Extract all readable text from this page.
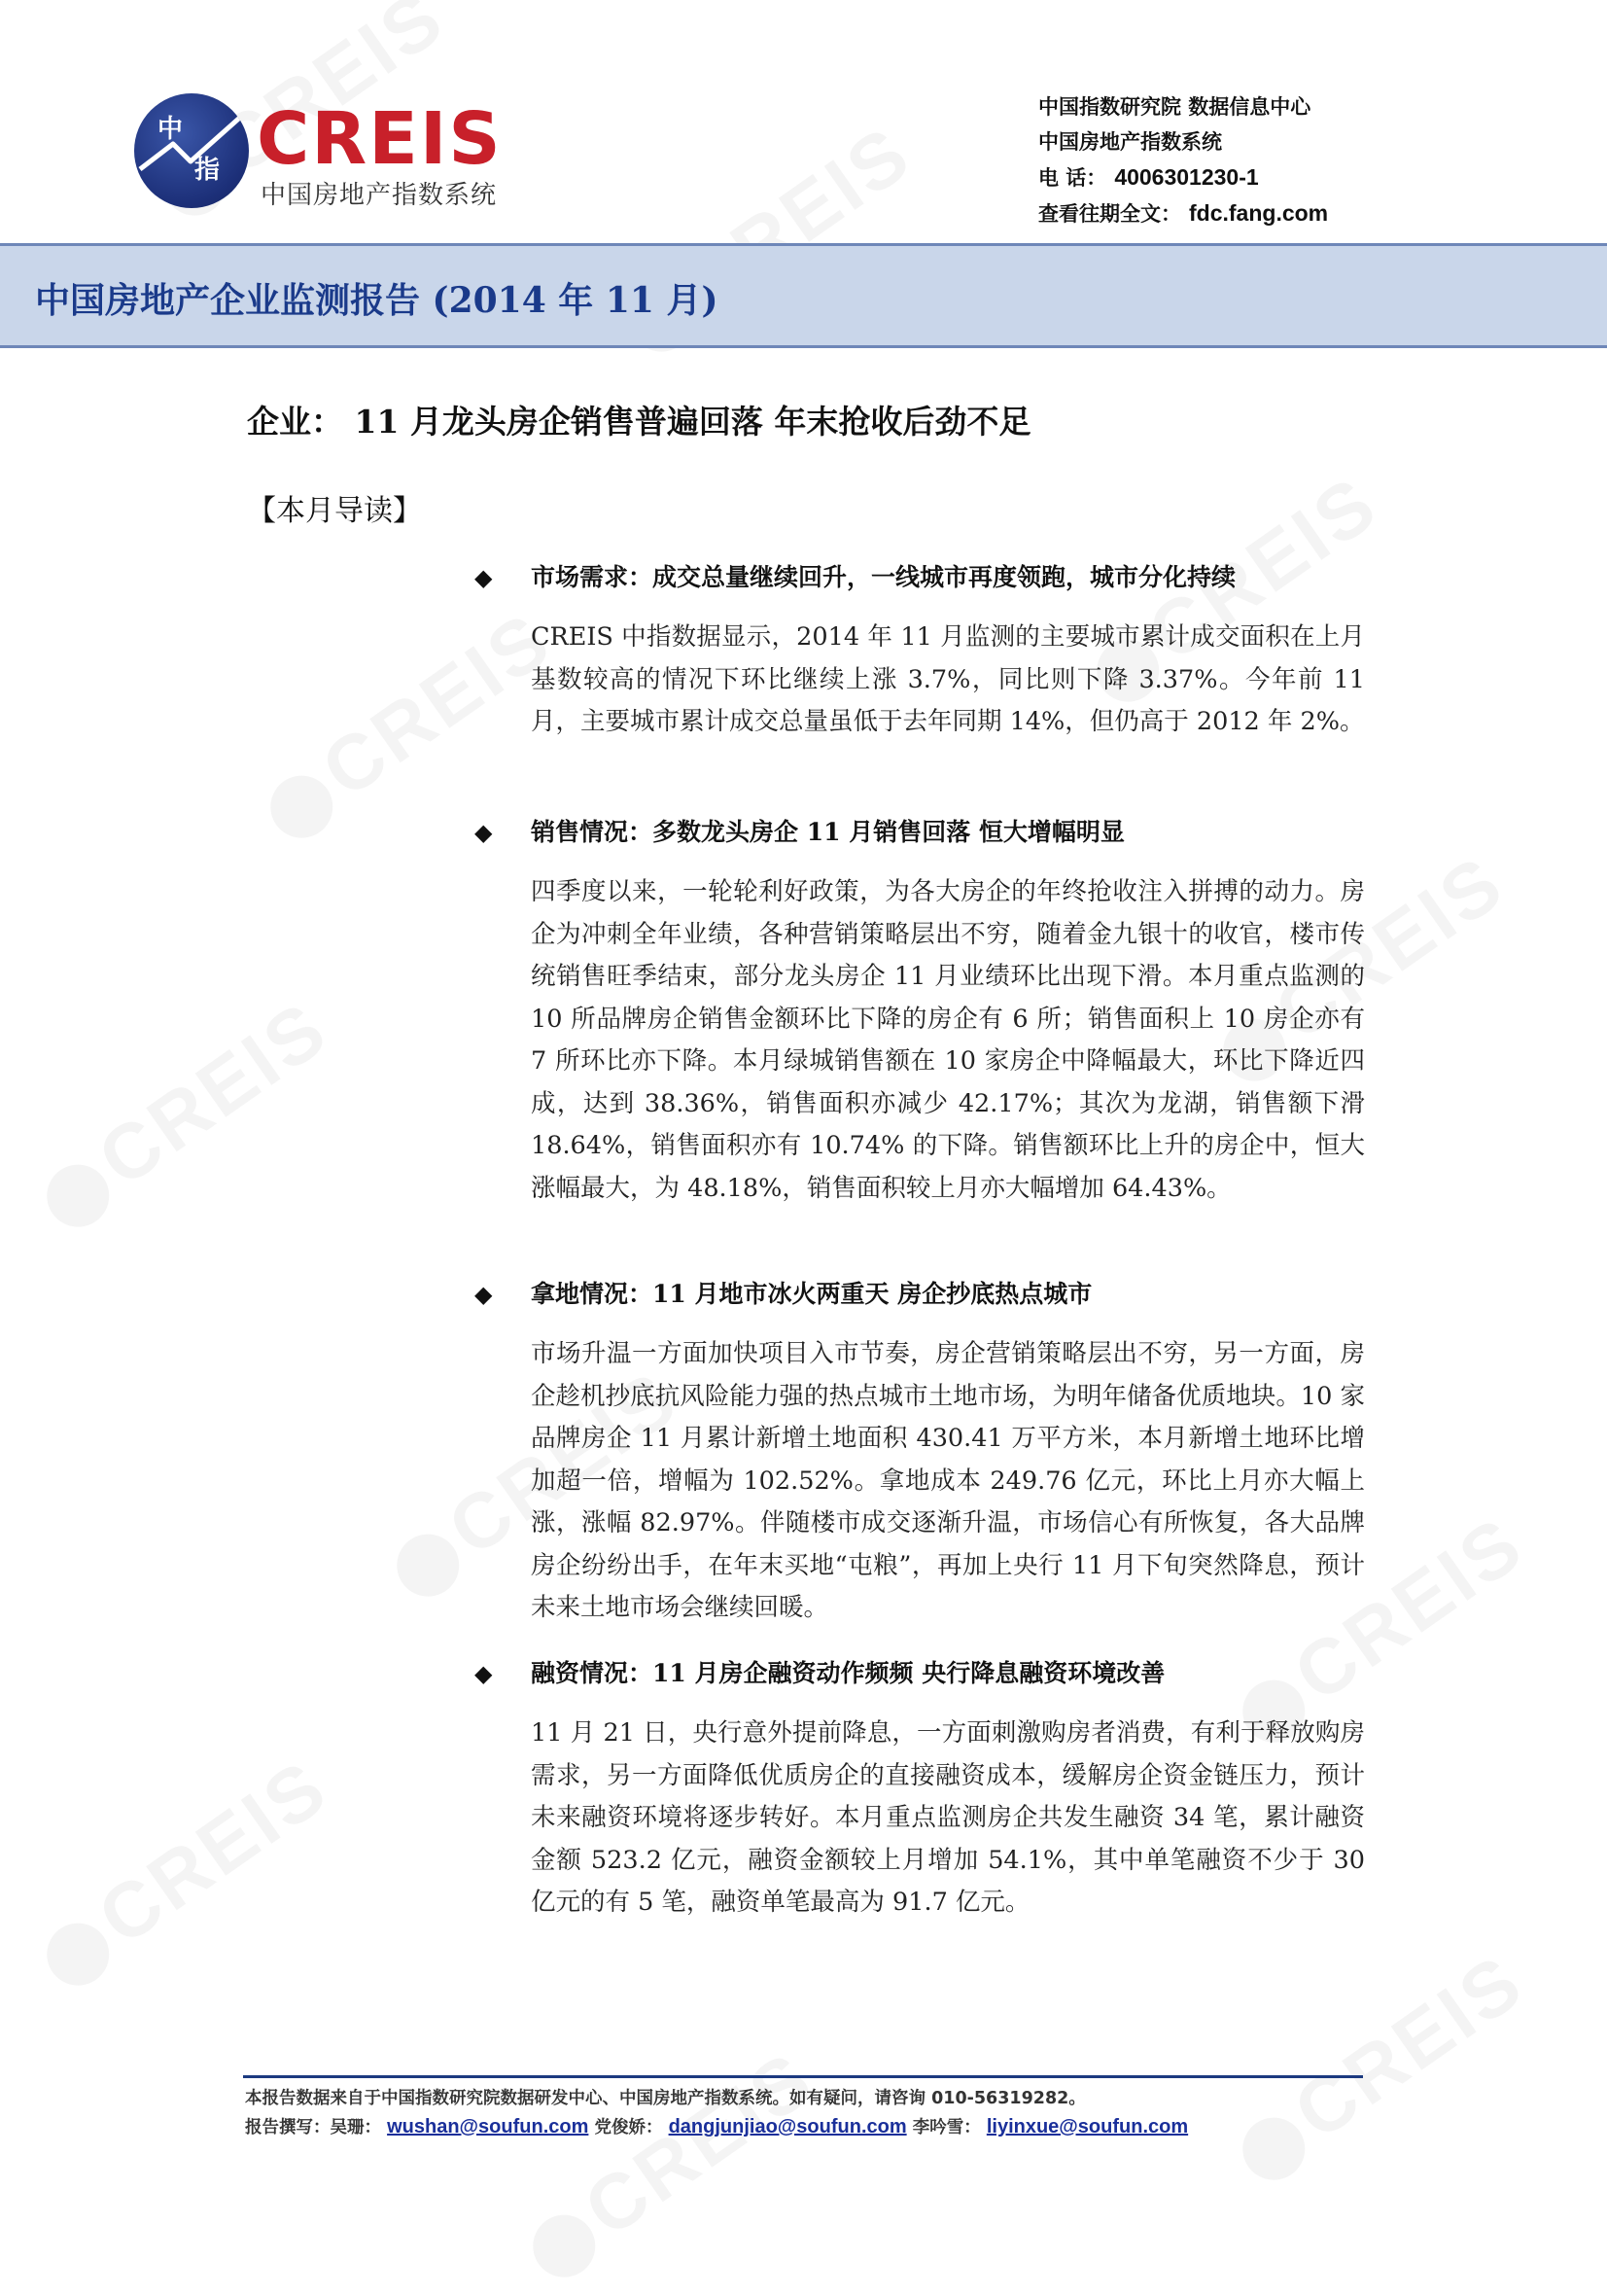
中
指 CREIS
中国房地产指数系统
中国指数研究院 数据信息中心
中国房地产指数系统
电 话： 4006301230-1
查看往期全文： fdc.fang.com
中国房地产企业监测报告 (2014 年 11 月)
企业： 11 月龙头房企销售普遍回落 年末抢收后劲不足
【本月导读】
◆ 市场需求：成交总量继续回升，一线城市再度领跑，城市分化持续
CREIS 中指数据显示，2014 年 11 月监测的主要城市累计成交面积在上月基数较高的情况下环比继续上涨 3.7%，同比则下降 3.37%。今年前 11 月，主要城市累计成交总量虽低于去年同期 14%，但仍高于 2012 年 2%。
◆ 销售情况：多数龙头房企 11 月销售回落 恒大增幅明显
四季度以来，一轮轮利好政策，为各大房企的年终抢收注入拼搏的动力。房企为冲刺全年业绩，各种营销策略层出不穷，随着金九银十的收官，楼市传统销售旺季结束，部分龙头房企 11 月业绩环比出现下滑。本月重点监测的 10 所品牌房企销售金额环比下降的房企有 6 所；销售面积上 10 房企亦有 7 所环比亦下降。本月绿城销售额在 10 家房企中降幅最大，环比下降近四成，达到 38.36%，销售面积亦减少 42.17%；其次为龙湖，销售额下滑 18.64%，销售面积亦有 10.74% 的下降。销售额环比上升的房企中，恒大涨幅最大，为 48.18%，销售面积较上月亦大幅增加 64.43%。
◆ 拿地情况：11 月地市冰火两重天 房企抄底热点城市
市场升温一方面加快项目入市节奏，房企营销策略层出不穷，另一方面，房企趁机抄底抗风险能力强的热点城市土地市场，为明年储备优质地块。10 家品牌房企 11 月累计新增土地面积 430.41 万平方米，本月新增土地环比增加超一倍，增幅为 102.52%。拿地成本 249.76 亿元，环比上月亦大幅上涨，涨幅 82.97%。伴随楼市成交逐渐升温，市场信心有所恢复，各大品牌房企纷纷出手，在年末买地“屯粮”，再加上央行 11 月下旬突然降息，预计未来土地市场会继续回暖。
◆ 融资情况：11 月房企融资动作频频 央行降息融资环境改善
11 月 21 日，央行意外提前降息，一方面刺激购房者消费，有利于释放购房需求，另一方面降低优质房企的直接融资成本，缓解房企资金链压力，预计未来融资环境将逐步转好。本月重点监测房企共发生融资 34 笔，累计融资金额 523.2 亿元，融资金额较上月增加 54.1%，其中单笔融资不少于 30 亿元的有 5 笔，融资单笔最高为 91.7 亿元。
本报告数据来自于中国指数研究院数据研发中心、中国房地产指数系统。如有疑问，请咨询 010-56319282。
报告撰写：吴珊： wushan@soufun.com 党俊娇： dangjunjiao@soufun.com 李吟雪： liyinxue@soufun.com
